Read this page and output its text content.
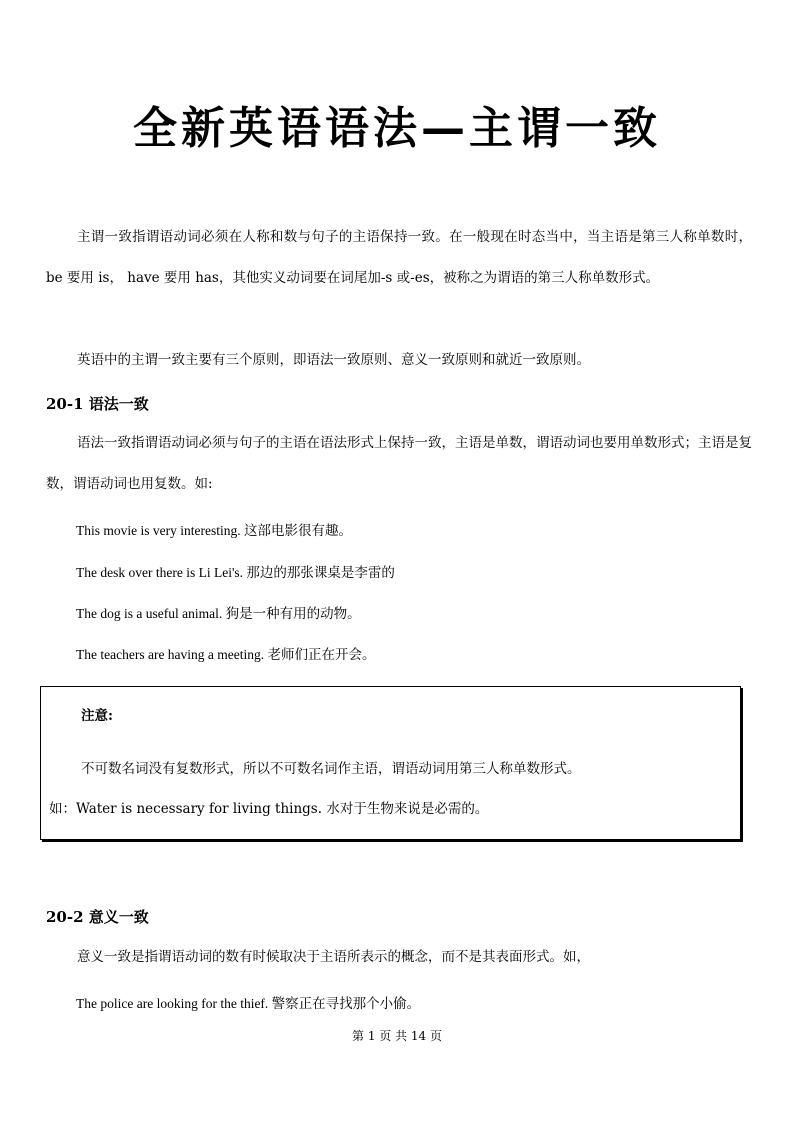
全新英语语法—主谓一致

主谓一致指谓语动词必须在人称和数与句子的主语保持一致。在一般现在时态当中，当主语是第三人称单数时，be 要用 is， have 要用 has，其他实义动词要在词尾加-s 或-es，被称之为谓语的第三人称单数形式。

英语中的主谓一致主要有三个原则，即语法一致原则、意义一致原则和就近一致原则。

20-1 语法一致

语法一致指谓语动词必须与句子的主语在语法形式上保持一致，主语是单数，谓语动词也要用单数形式；主语是复数，谓语动词也用复数。如:

This movie is very interesting. 这部电影很有趣。

The desk over there is Li Lei's. 那边的那张课桌是李雷的

The dog is a useful animal. 狗是一种有用的动物。

The teachers are having a meeting. 老师们正在开会。

注意:

不可数名词没有复数形式，所以不可数名词作主语，谓语动词用第三人称单数形式。

如：Water is necessary for living things. 水对于生物来说是必需的。

20-2 意义一致

意义一致是指谓语动词的数有时候取决于主语所表示的概念，而不是其表面形式。如，

The police are looking for the thief. 警察正在寻找那个小偷。

第 1 页 共 14 页
